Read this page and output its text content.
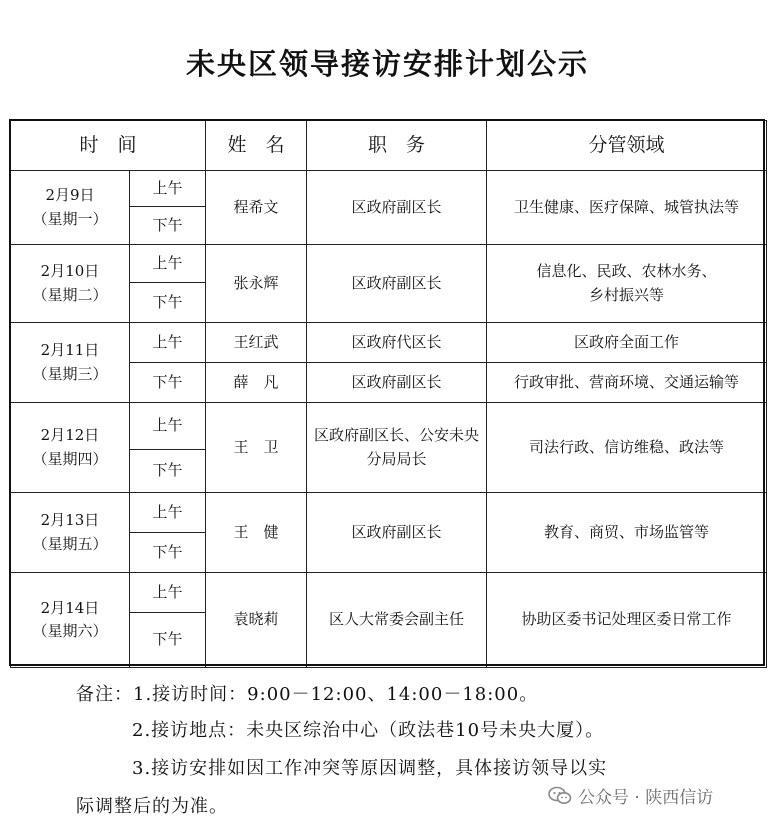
未央区领导接访安排计划公示
时　间		姓　名	职　务	分管领域
2月9日
（星期一）	上午	程希文	区政府副区长	卫生健康、医疗保障、城管执法等
	下午			
2月10日
（星期二）	上午	张永辉	区政府副区长	信息化、民政、农林水务、
乡村振兴等
	下午			
2月11日
（星期三）	上午	王红武	区政府代区长	区政府全面工作
	下午	薛　凡	区政府副区长	行政审批、营商环境、交通运输等
2月12日
（星期四）	上午	王　卫	区政府副区长、公安未央
分局局长	司法行政、信访维稳、政法等
	下午			
2月13日
（星期五）	上午	王　健	区政府副区长	教育、商贸、市场监管等
	下午			
2月14日
（星期六）	上午	袁晓莉	区人大常委会副主任	协助区委书记处理区委日常工作
	下午			
备注：1.接访时间：9:00－12:00、14:00－18:00。
2.接访地点：未央区综治中心（政法巷10号未央大厦）。
3.接访安排如因工作冲突等原因调整，具体接访领导以实
际调整后的为准。	公众号 · 陕西信访
